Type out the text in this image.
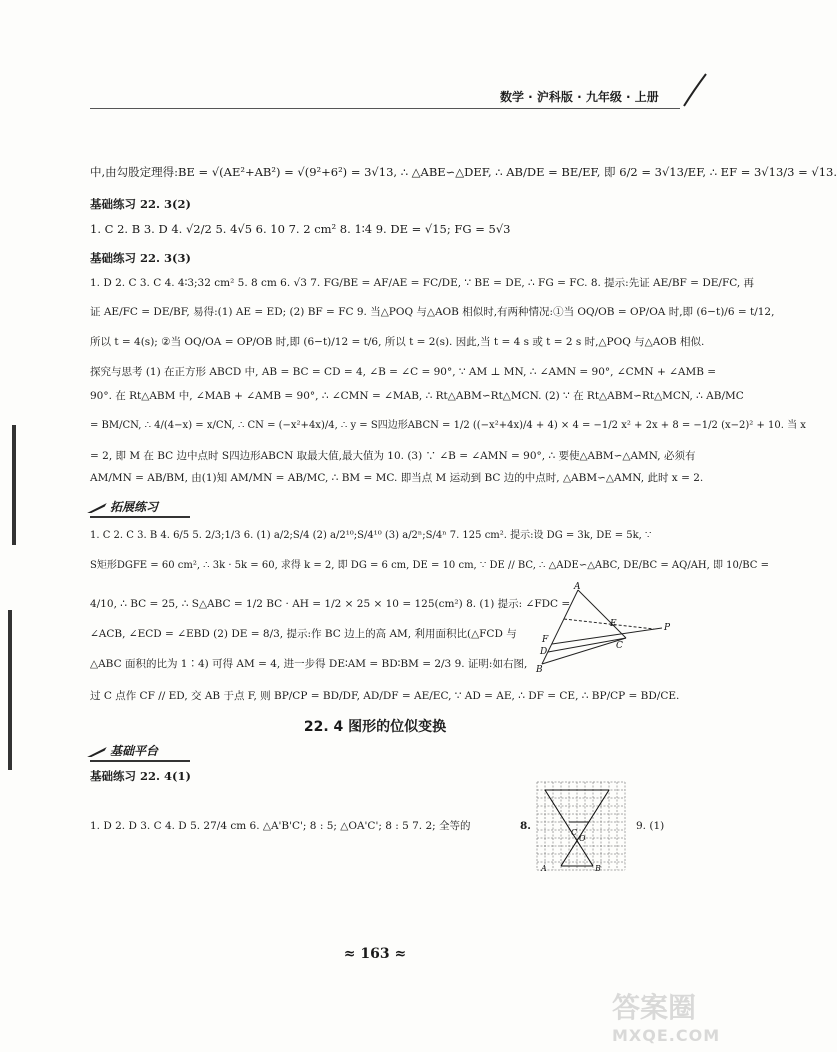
数学 · 沪科版 · 九年级 · 上册
中,由勾股定理得:BE = √(AE²+AB²) = √(9²+6²) = 3√13, ∴ △ABE∽△DEF, ∴ AB/DE = BE/EF, 即 6/2 = 3√13/EF, ∴ EF = 3√13/3 = √13.
基础练习 22. 3(2)
1. C 2. B 3. D 4. √2/2 5. 4√5 6. 10 7. 2 cm² 8. 1∶4 9. DE = √15; FG = 5√3
基础练习 22. 3(3)
1. D 2. C 3. C 4. 4∶3;32 cm² 5. 8 cm 6. √3 7. FG/BE = AF/AE = FC/DE, ∵ BE = DE, ∴ FG = FC. 8. 提示:先证 AE/BF = DE/FC, 再
证 AE/FC = DE/BF, 易得:(1) AE = ED; (2) BF = FC 9. 当△POQ 与△AOB 相似时,有两种情况:①当 OQ/OB = OP/OA 时,即 (6−t)/6 = t/12,
所以 t = 4(s); ②当 OQ/OA = OP/OB 时,即 (6−t)/12 = t/6, 所以 t = 2(s). 因此,当 t = 4 s 或 t = 2 s 时,△POQ 与△AOB 相似.
探究与思考 (1) 在正方形 ABCD 中, AB = BC = CD = 4, ∠B = ∠C = 90°, ∵ AM ⊥ MN, ∴ ∠AMN = 90°, ∠CMN + ∠AMB =
90°. 在 Rt△ABM 中, ∠MAB + ∠AMB = 90°, ∴ ∠CMN = ∠MAB, ∴ Rt△ABM∽Rt△MCN. (2) ∵ 在 Rt△ABM∽Rt△MCN, ∴ AB/MC
= BM/CN, ∴ 4/(4−x) = x/CN, ∴ CN = (−x²+4x)/4, ∴ y = S四边形ABCN = 1/2 ((−x²+4x)/4 + 4) × 4 = −1/2 x² + 2x + 8 = −1/2 (x−2)² + 10. 当 x
= 2, 即 M 在 BC 边中点时 S四边形ABCN 取最大值,最大值为 10. (3) ∵ ∠B = ∠AMN = 90°, ∴ 要使△ABM∽△AMN, 必须有
AM/MN = AB/BM, 由(1)知 AM/MN = AB/MC, ∴ BM = MC. 即当点 M 运动到 BC 边的中点时, △ABM∽△AMN, 此时 x = 2.
拓展练习
1. C 2. C 3. B 4. 6/5 5. 2/3;1/3 6. (1) a/2;S/4 (2) a/2¹⁰;S/4¹⁰ (3) a/2ⁿ;S/4ⁿ 7. 125 cm². 提示:设 DG = 3k, DE = 5k, ∵
S矩形DGFE = 60 cm², ∴ 3k · 5k = 60, 求得 k = 2, 即 DG = 6 cm, DE = 10 cm, ∵ DE // BC, ∴ △ADE∽△ABC, DE/BC = AQ/AH, 即 10/BC =
4/10, ∴ BC = 25, ∴ S△ABC = 1/2 BC · AH = 1/2 × 25 × 10 = 125(cm²) 8. (1) 提示: ∠FDC =
∠ACB, ∠ECD = ∠EBD (2) DE = 8/3, 提示:作 BC 边上的高 AM, 利用面积比(△FCD 与
△ABC 面积的比为 1∶4) 可得 AM = 4, 进一步得 DE∶AM = BD∶BM = 2/3 9. 证明:如右图,
过 C 点作 CF // ED, 交 AB 于点 F, 则 BP/CP = BD/DF, AD/DF = AE/EC, ∵ AD = AE, ∴ DF = CE, ∴ BP/CP = BD/CE.
A
E
F
D
C
B
P
22. 4 图形的位似变换
基础平台
基础练习 22. 4(1)
1. D 2. D 3. C 4. D 5. 27/4 cm 6. △A'B'C'; 8 : 5; △OA'C'; 8 : 5 7. 2; 全等的	8.	9. (1)
A	B
C
O
≈ 163 ≈
答案圈
MXQE.COM
